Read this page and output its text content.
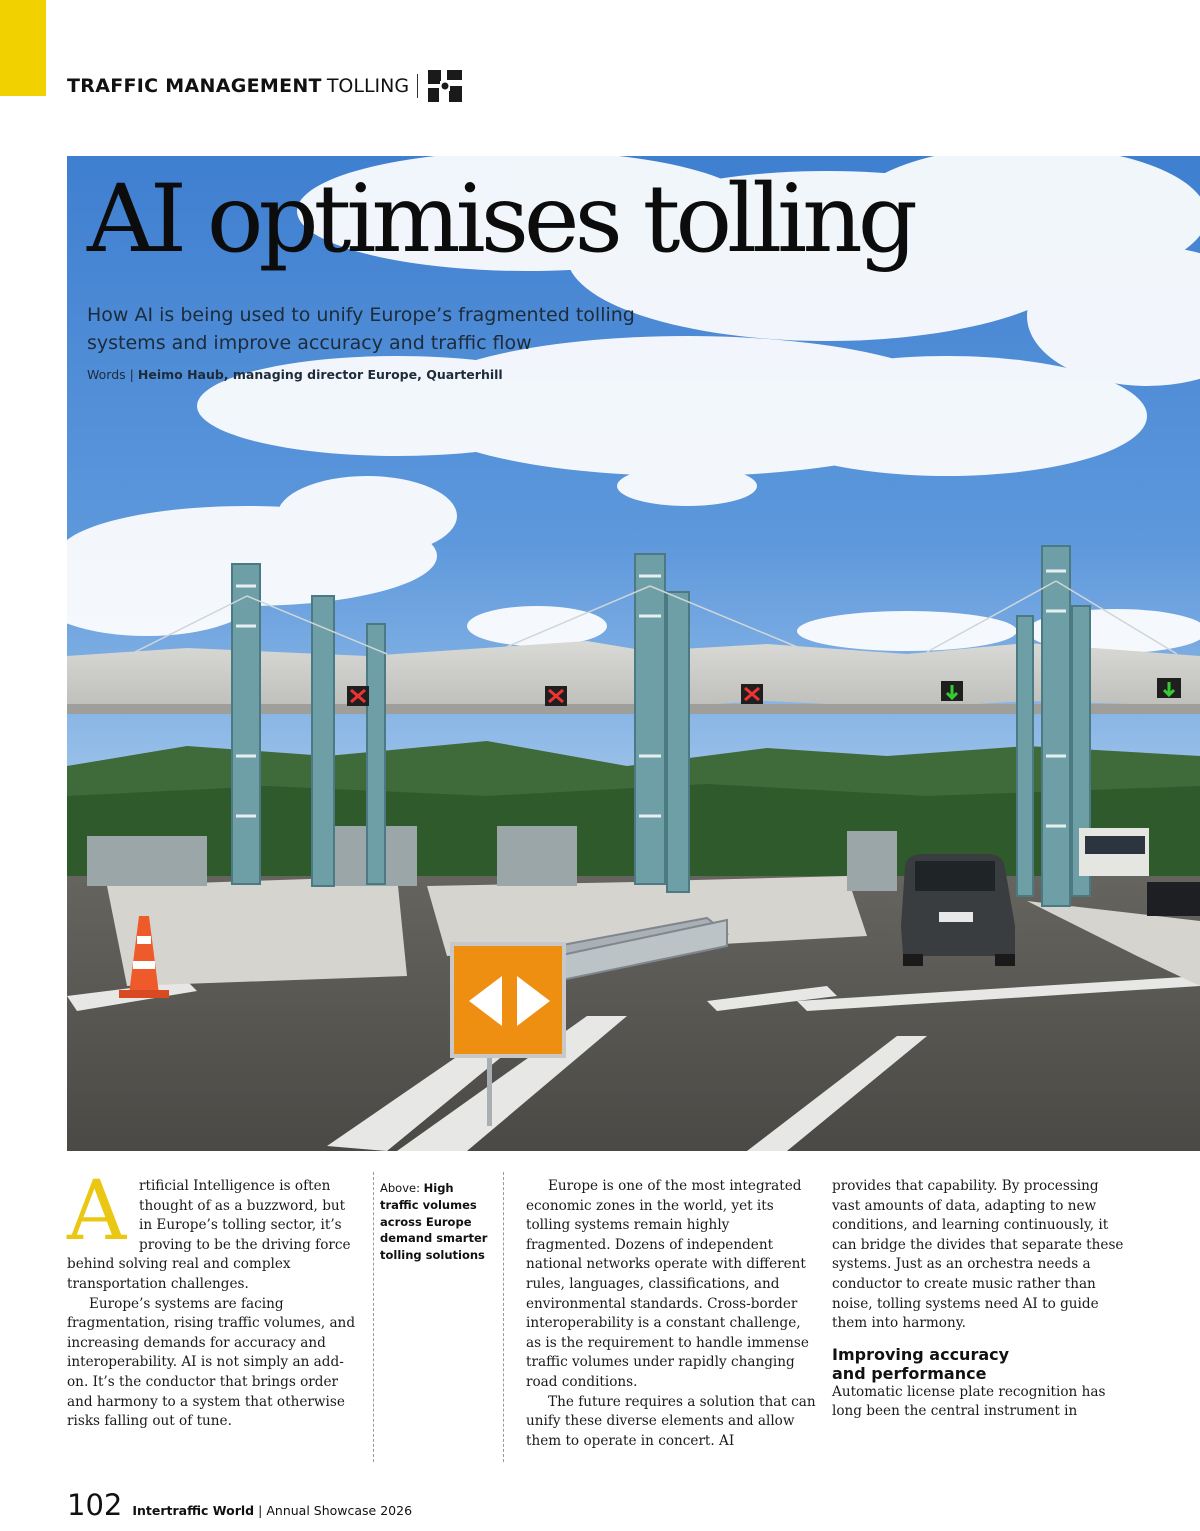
TRAFFIC MANAGEMENT TOLLING
AI optimises tolling
How AI is being used to unify Europe’s fragmented tolling systems and improve accuracy and traffic flow
Words | Heimo Haub, managing director Europe, Quarterhill
A rtificial Intelligence is often thought of as a buzzword, but in Europe’s tolling sector, it’s proving to be the driving force behind solving real and complex transportation challenges.

Europe’s systems are facing fragmentation, rising traffic volumes, and increasing demands for accuracy and interoperability. AI is not simply an add-on. It’s the conductor that brings order and harmony to a system that otherwise risks falling out of tune.

Above: High traffic volumes across Europe demand smarter tolling solutions

Europe is one of the most integrated economic zones in the world, yet its tolling systems remain highly fragmented. Dozens of independent national networks operate with different rules, languages, classifications, and environmental standards. Cross-border interoperability is a constant challenge, as is the requirement to handle immense traffic volumes under rapidly changing road conditions.

The future requires a solution that can unify these diverse elements and allow them to operate in concert. AI

provides that capability. By processing vast amounts of data, adapting to new conditions, and learning continuously, it can bridge the divides that separate these systems. Just as an orchestra needs a conductor to create music rather than noise, tolling systems need AI to guide them into harmony.

Improving accuracy
and performance

Automatic license plate recognition has long been the central instrument in

102 Intertraffic World | Annual Showcase 2026
